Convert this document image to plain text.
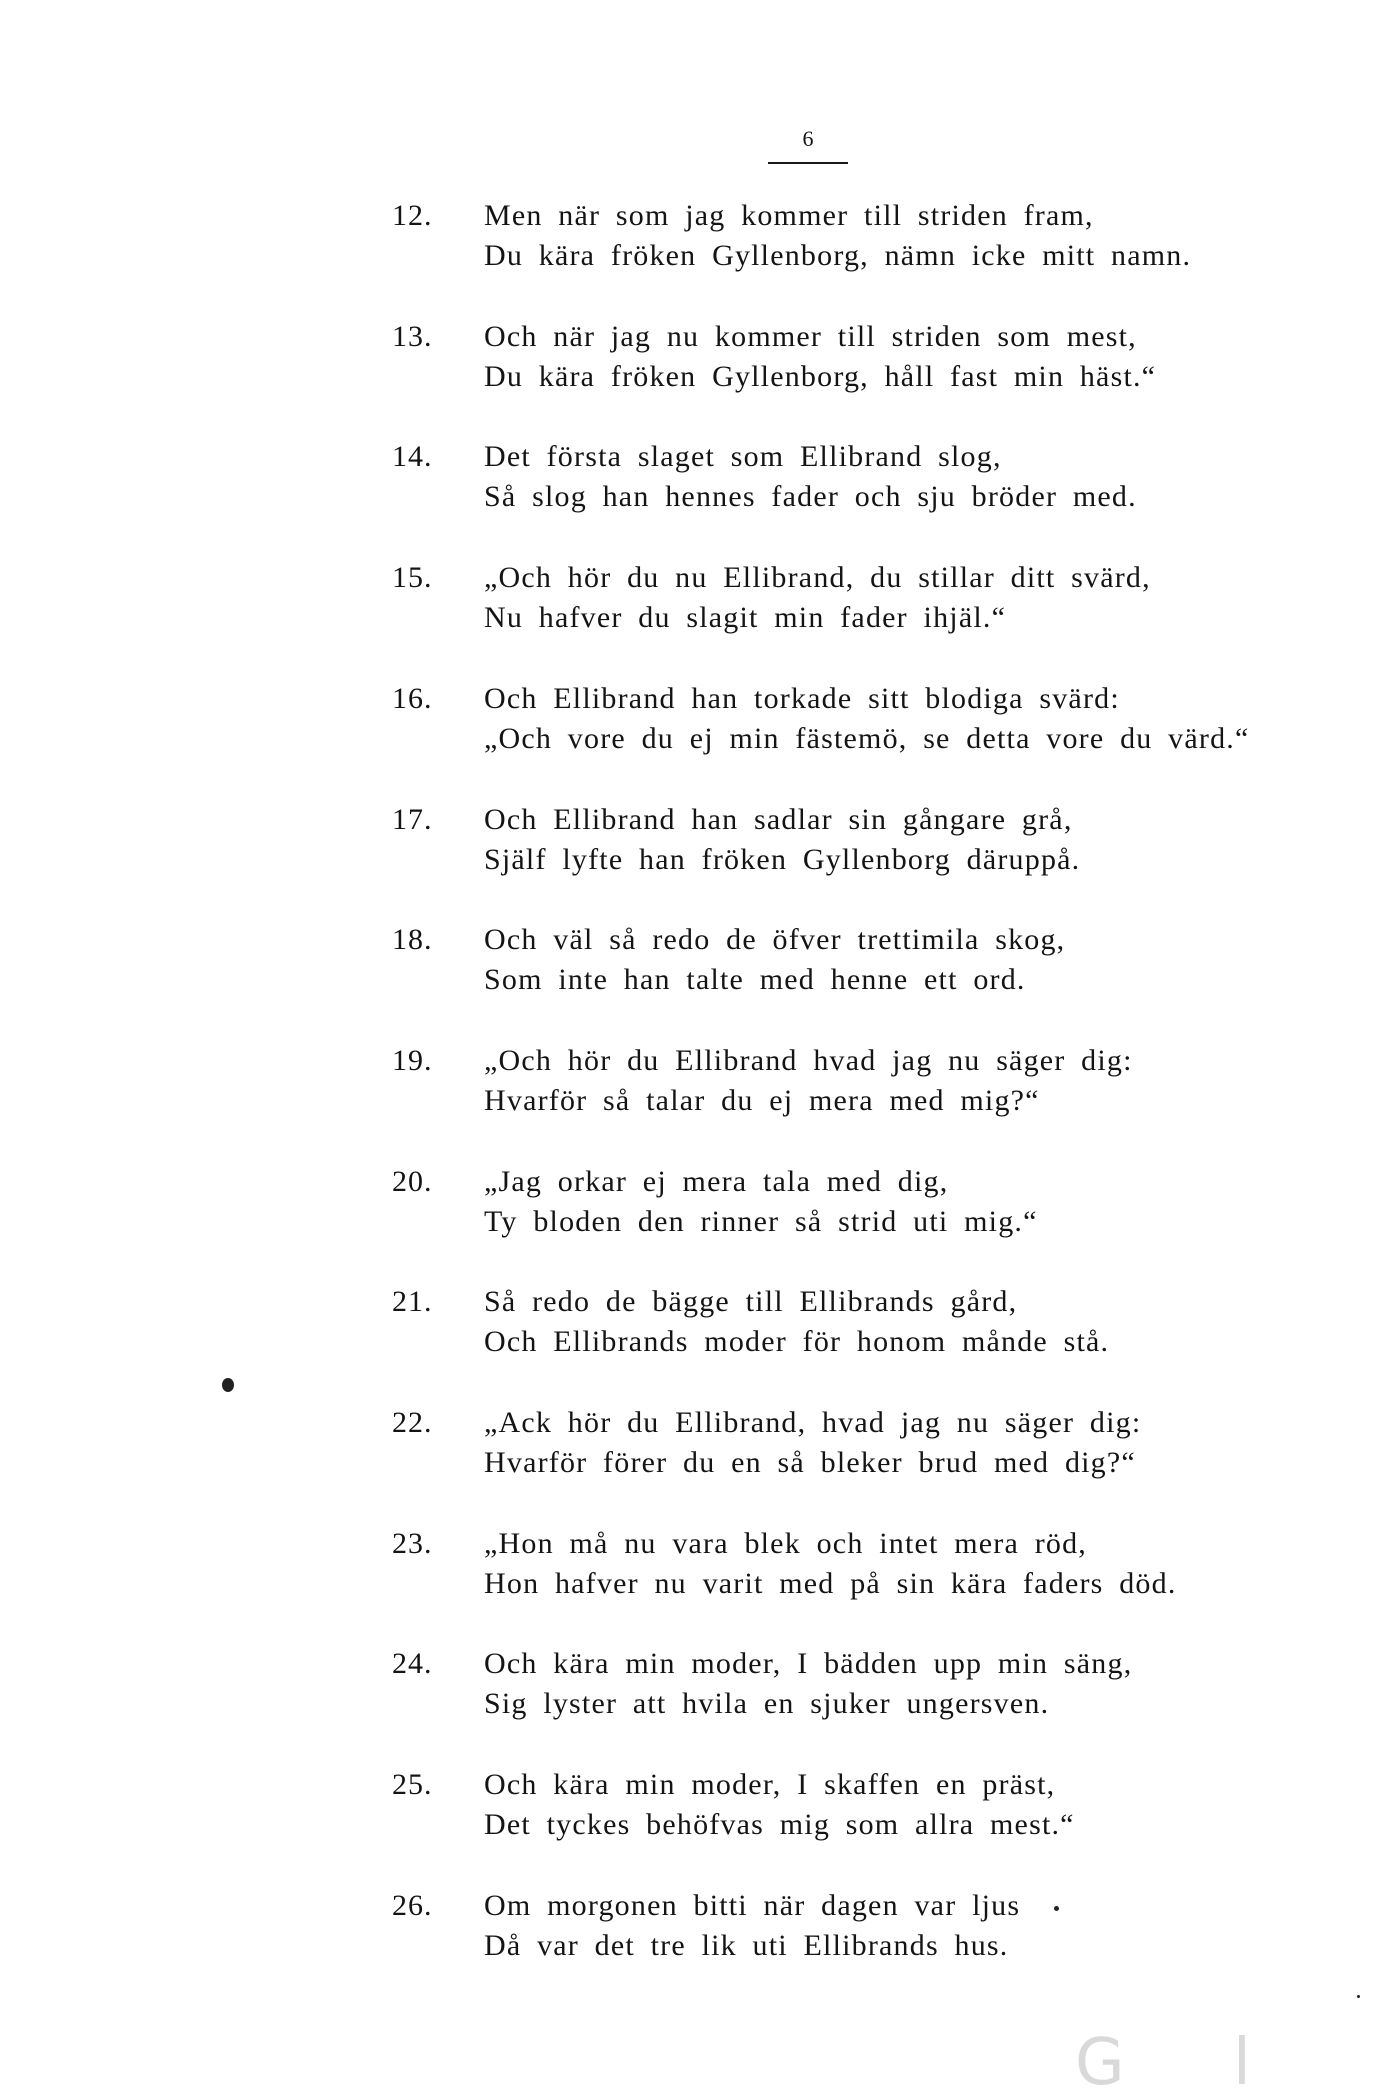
6
12. Men när som jag kommer till striden fram,
Du kära fröken Gyllenborg, nämn icke mitt namn.
13. Och när jag nu kommer till striden som mest,
Du kära fröken Gyllenborg, håll fast min häst.“
14. Det första slaget som Ellibrand slog,
Så slog han hennes fader och sju bröder med.
15. „Och hör du nu Ellibrand, du stillar ditt svärd,
Nu hafver du slagit min fader ihjäl.“
16. Och Ellibrand han torkade sitt blodiga svärd:
„Och vore du ej min fästemö, se detta vore du värd.“
17. Och Ellibrand han sadlar sin gångare grå,
Själf lyfte han fröken Gyllenborg däruppå.
18. Och väl så redo de öfver trettimila skog,
Som inte han talte med henne ett ord.
19. „Och hör du Ellibrand hvad jag nu säger dig:
Hvarför så talar du ej mera med mig?“
20. „Jag orkar ej mera tala med dig,
Ty bloden den rinner så strid uti mig.“
21. Så redo de bägge till Ellibrands gård,
Och Ellibrands moder för honom månde stå.
22. „Ack hör du Ellibrand, hvad jag nu säger dig:
Hvarför förer du en så bleker brud med dig?“
23. „Hon må nu vara blek och intet mera röd,
Hon hafver nu varit med på sin kära faders död.
24. Och kära min moder, I bädden upp min säng,
Sig lyster att hvila en sjuker ungersven.
25. Och kära min moder, I skaffen en präst,
Det tyckes behöfvas mig som allra mest.“
26. Om morgonen bitti när dagen var ljus
Då var det tre lik uti Ellibrands hus.
G l
